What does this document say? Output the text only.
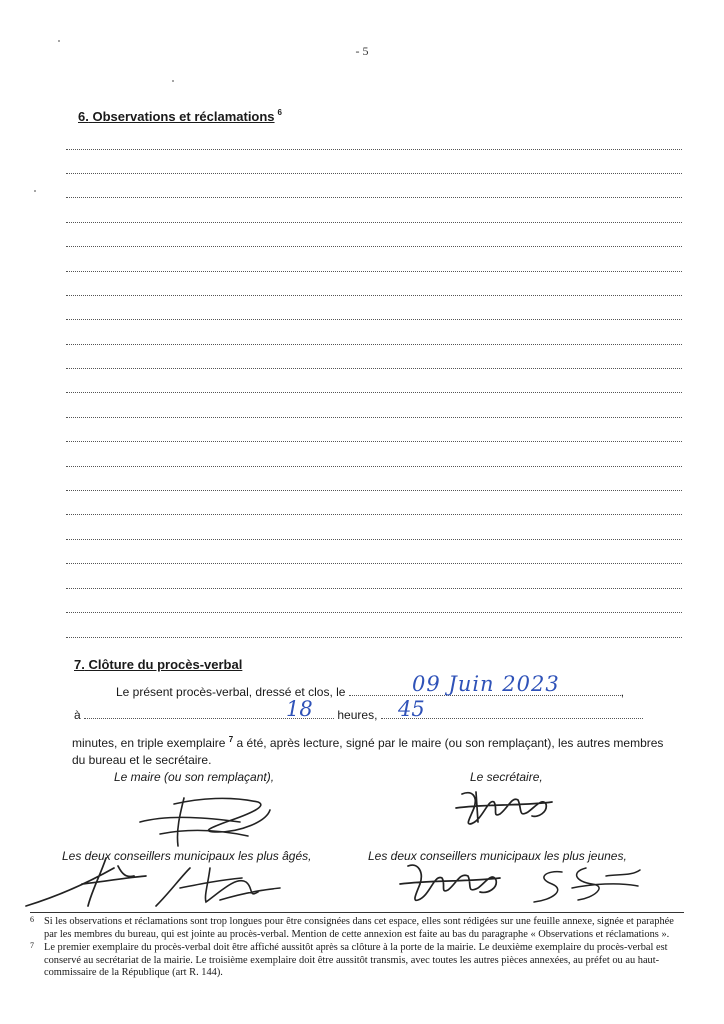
- 5
6. Observations et réclamations $^6$
7. Clôture du procès-verbal
Le présent procès-verbal, dressé et clos, le	,
09 Juin 2023
à	heures,
18	45
minutes, en triple exemplaire $^7$ a été, après lecture, signé par le maire (ou son remplaçant), les autres membres du bureau et le secrétaire.
Le maire (ou son remplaçant),	Le secrétaire,
Les deux conseillers municipaux les plus âgés,	Les deux conseillers municipaux les plus jeunes,
6 Si les observations et réclamations sont trop longues pour être consignées dans cet espace, elles sont rédigées sur une feuille annexe, signée et paraphée par les membres du bureau, qui est jointe au procès-verbal. Mention de cette annexion est faite au bas du paragraphe « Observations et réclamations ».
7 Le premier exemplaire du procès-verbal doit être affiché aussitôt après sa clôture à la porte de la mairie. Le deuxième exemplaire du procès-verbal est conservé au secrétariat de la mairie. Le troisième exemplaire doit être aussitôt transmis, avec toutes les autres pièces annexées, au préfet ou au haut-commissaire de la République (art R. 144).
